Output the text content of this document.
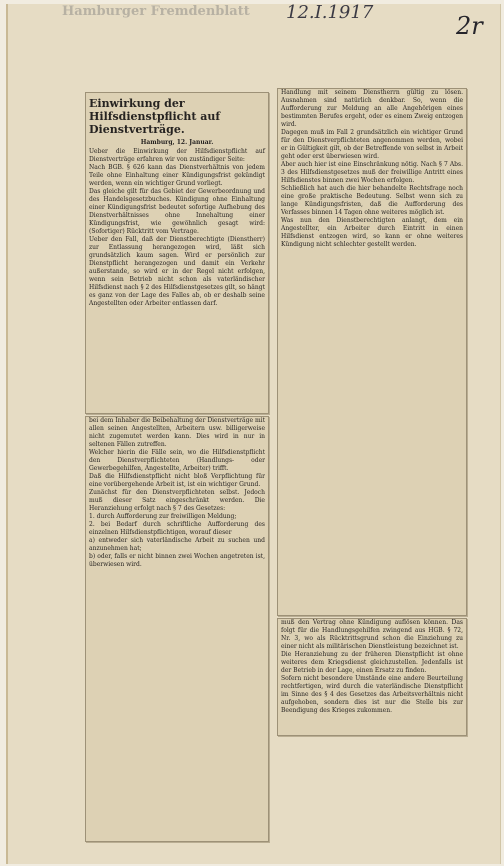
Hamburger Fremdenblatt 12.I.1917	2r
Einwirkung der Hilfsdienstpflicht auf Dienstverträge.
Hamburg, 12. Januar.

Ueber die Einwirkung der Hilfsdienstpflicht auf Dienstverträge erfahren wir von zuständiger Seite:

Nach BGB. § 626 kann das Dienstverhältnis von jedem Teile ohne Einhaltung einer Kündigungsfrist gekündigt werden, wenn ein wichtiger Grund vorliegt.

Das gleiche gilt für das Gebiet der Gewerbeordnung und des Handelsgesetzbuches. Kündigung ohne Einhaltung einer Kündigungsfrist bedeutet sofortige Aufhebung des Dienstverhältnisses ohne Innehaltung einer Kündigungsfrist, wie gewöhnlich gesagt wird: (Sofortiger) Rücktritt vom Vertrage.

Ueber den Fall, daß der Dienstberechtigte (Dienstherr) zur Entlassung herangezogen wird, läßt sich grundsätzlich kaum sagen. Wird er persönlich zur Dienstpflicht herangezogen und damit ein Verkehr außerstande, so wird er in der Regel nicht erfolgen, wenn sein Betrieb nicht schon als vaterländischer Hilfsdienst nach § 2 des Hilfsdienstgesetzes gilt, so hängt es ganz von der Lage des Falles ab, ob er deshalb seine Angestellten oder Arbeiter entlassen darf.

bei dem Inhaber die Beibehaltung der Dienstverträge mit allen seinen Angestellten, Arbeitern usw. billigerweise nicht zugemutet werden kann. Dies wird in nur in seltenen Fällen zutreffen.

Welcher hierin die Fälle sein, wo die Hilfsdienstpflicht den Dienstverpflichteten (Handlungs- oder Gewerbegehilfen, Angestellte, Arbeiter) trifft.

Daß die Hilfsdienstpflicht nicht bloß Verpflichtung für eine vorübergehende Arbeit ist, ist ein wichtiger Grund.

Zunächst für den Dienstverpflichteten selbst. Jedoch muß dieser Satz eingeschränkt werden. Die Heranziehung erfolgt nach § 7 des Gesetzes:

1. durch Aufforderung zur freiwilligen Meldung;

2. bei Bedarf durch schriftliche Aufforderung des einzelnen Hilfsdienstpflichtigen, worauf dieser

a) entweder sich vaterländische Arbeit zu suchen und anzunehmen hat;

b) oder, falls er nicht binnen zwei Wochen angetreten ist, überwiesen wird.

Handlung mit seinem Dienstherrn gültig zu lösen. Ausnahmen sind natürlich denkbar. So, wenn die Aufforderung zur Meldung an alle Angehörigen eines bestimmten Berufes ergeht, oder es einem Zweig entzogen wird.

Dagegen muß im Fall 2 grundsätzlich ein wichtiger Grund für den Dienstverpflichteten angenommen werden, wobei er in Gültigkeit gilt, ob der Betreffende von selbst in Arbeit geht oder erst überwiesen wird.

Aber auch hier ist eine Einschränkung nötig. Nach § 7 Abs. 3 des Hilfsdienstgesetzes muß der freiwillige Antritt eines Hilfsdienstes binnen zwei Wochen erfolgen.

Schließlich hat auch die hier behandelte Rechtsfrage noch eine große praktische Bedeutung. Selbst wenn sich zu lange Kündigungsfristen, daß die Aufforderung des Verfasses binnen 14 Tagen ohne weiteres möglich ist.

Was nun den Dienstberechtigten anlangt, dem ein Angestellter, ein Arbeiter durch Eintritt in einen Hilfsdienst entzogen wird, so kann er ohne weiteres Kündigung nicht schlechter gestellt werden.

muß den Vertrag ohne Kündigung auflösen können. Das folgt für die Handlungsgehilfen zwingend aus HGB. § 72, Nr. 3, wo als Rücktrittsgrund schon die Einziehung zu einer nicht als militärischen Dienstleistung bezeichnet ist.

Die Heranziehung zu der früheren Dienstpflicht ist ohne weiteres dem Kriegsdienst gleichzustellen. Jedenfalls ist der Betrieb in der Lage, einen Ersatz zu finden.

Sofern nicht besondere Umstände eine andere Beurteilung rechtfertigen, wird durch die vaterländische Dienstpflicht im Sinne des § 4 des Gesetzes das Arbeitsverhältnis nicht aufgehoben, sondern dies ist nur die Stelle bis zur Beendigung des Krieges zukommen.
